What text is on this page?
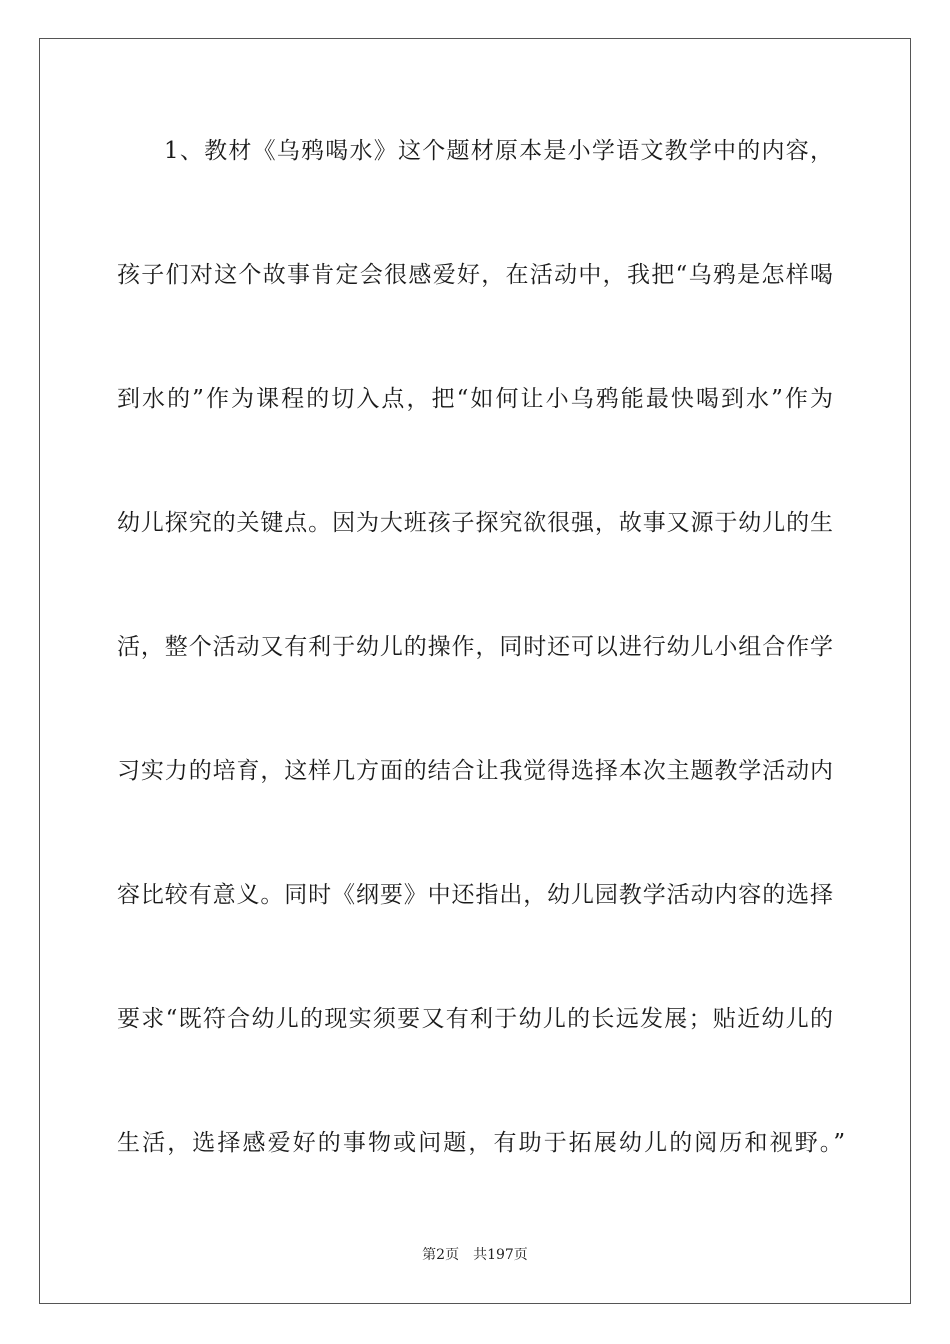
1、教材《乌鸦喝水》这个题材原本是小学语文教学中的内容，
孩子们对这个故事肯定会很感爱好，在活动中，我把“乌鸦是怎样喝
到水的”作为课程的切入点，把“如何让小乌鸦能最快喝到水”作为
幼儿探究的关键点。因为大班孩子探究欲很强，故事又源于幼儿的生
活，整个活动又有利于幼儿的操作，同时还可以进行幼儿小组合作学
习实力的培育，这样几方面的结合让我觉得选择本次主题教学活动内
容比较有意义。同时《纲要》中还指出，幼儿园教学活动内容的选择
要求“既符合幼儿的现实须要又有利于幼儿的长远发展；贴近幼儿的
生活，选择感爱好的事物或问题，有助于拓展幼儿的阅历和视野。”
第2页　共197页
